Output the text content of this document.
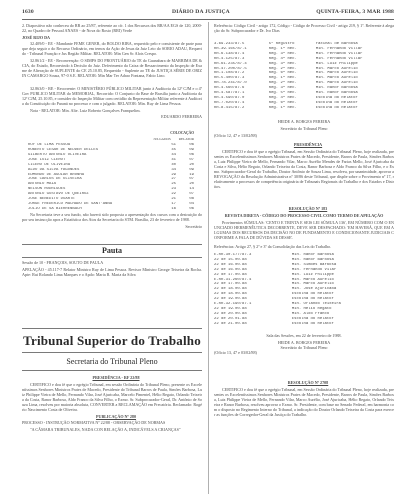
1630	DIÁRIO DA JUSTIÇA	QUINTA-FEIRA, 3 MAR 1988

2. Diapositivo não conheceu do RR ao 25/87, referente ao cfr. 1 dos Recursos dos RR/AA EGS de 120, 2000-22, no Quadro de Pessoal ANAES - de Nova do Rosto (RRI) Verde

JOSÉ RIJO DA

32.409/0 - EE - Mandante FEME GENER, do BOLDO RIBA, requerido pelo e consistente de parte para que deja seguir o do Recurso Ordinário, em ternos da Ação de Jesus da Juiz Leio do SORIO ADAU, Requerido - Tribunal Franção e Jus Região Militar. RELATOR: Min Gen Sc Alois Crespo.

32.861/2 - EE - Reconvenção: O SIMPS DO PRONTUÁRIO do TE do Guanabara de MARRIMA DE & CIA, do Estado, Reconvindo à Decisão do Juiz. Deferimento da Caixa de Ressarcimento da Inspeção de Exame de Alteração de SUPLENTE do CE 25.10.85, Requerido - Suplente ao TE do JUSTIÇA SÉRIE DE ORIZIN CAMARGO Sousa, 97-0 S.E. RELATOR: Min Mar Ter Adrao Fontana, Fabio Lino.

32.863/0 - RE - Recorrente: O MINISTÉRIO PÚBLICO MILITAR junto à Auditoria da 12ª CJM e o 4º Gov PUBLICO MILITAR do MEMORIAL, Recorrido: O Conjunto do Base de Brasilia junto a Auditoria da 12ª CJM, 25.10.85, e consider do Inspeção Militar com certidão da Representação Militar referente à Auditoria da Constituição do Paraná no processo e com o julgado. RELATOR: Min. Ruy de Lima Pessoa.

Nota - RELATOR: Min. Alte. Luiz Roberto Gonçalves Franquelim.

EDUARDO FERREIRA

COLOCAÇÃO
JULGADOS RELATOR
RUY DE LIMA PESSOA	51	06
ROBERTO CESAR DE NEDDER DELLES	45	09
GILBERTO ANTONIO OLIVEIRA	44	06
JOSE LUIZ CLEROT	41	07
CICERO DE OLIVEIRA	40	20
ALDO DA SILVA FAGUNDES	34	09
EDMUNDO DE AGUIAR BRONHA	29	19
JOSE CARLOS DE OLIVEIRA	27	07
ANTONIO MAIA	25	20
NELSON RODRIGUES	23	14
ANTONIO GUSTAVO DE QUEIROZ	22	07
JOSE BENEDITO DUARTE	21	08
JORGE FREDERICO MACHADO DE SANT'ANNA	17	04
JULIO DE SÁ BIERRENBACH	16	06

Na Secretaria teve a seu fundo, não haverá sido proposta a apresentação dos cursos com a destruição do por seu instrucção apos a Estatística dos Atos da Secretaria do STM. Brasília, 23 de fevereiro de 1988.

Secretário

Pauta

Sessão de 10 - FRANÇOIS, SOUTO DE PAULA

APELAÇÃO - 45.117-7 Relator Ministro Ruy de Lima Pessoa. Revisor Ministro George Teixeira da Rocha. Apte: Rui Rolando Lima Marques e o Apdo: Maria R. Maria da Silva

Tribunal Superior do Trabalho
Secretaria do Tribunal Pleno

PRESIDÊNCIA - RF 22/88

CERTIFICO e dou fé que o egrégio Tribunal, em sessão Ordinária do Tribunal Pleno, presente os Excelentíssimos Senhores Ministros Prates de Macedo, Presidente do Tribunal Barros de Paula, Simões Barbosa, Luiz Philippe Vieira de Mello, Fernando Vilar, José Ajuricaba, Marcelo Pimentel, Hélio Regato, Orlando Teixeira da Costa, Ranor Barbosa, Aldo Franco da Silva Filho, o Exmo. Sr. Subprocurador-Geral, Dr. Antônio de Souza Lima, resolveu por maioria absoluta, CONVERTER a RECLAMAÇÃO em Precatória. Reclamado: Rogério Nascimento Costa de Oliveira.

PUBLICAÇÃO Nº 280

PROCESSO - INSTRUÇÃO NORMATIVA Nº 22/88 - OBSERVAÇÃO DE NORMAS

"A CÂMARA TRIBUNALES, NADA CON RELAÇÃO A, INDICÁVELS A CRIANÇAS"

Referência: Código Civil - artigo 172, Código - Código de Processo Civil - artigo 219, § 1º. Referente à alegação do Sr. Subprocurador e Dr. Ivo Dias

3-69.233/87.5	5º Registro	Faxinal de Barbosa
RR-39.165/87.1	Reg. 1ª Rec.	Min. Fernando Villar
RR-6.138/87.4	Reg. 3ª Rec.	Min. Fernando Villar
RR-4.125/87.3	Reg. 4ª Rec.	Min. Fernando Villar
RR-61.235/87.4	Reg. 3ª Rec.	Min. Luiz Philippe
RR-47.200/87.5	Reg. 2ª Rec.	Min. Marco Aurélio
RR-1.108/87.2	Reg. 6ª Rec.	Min. Marco Aurélio
RR-5.400/87.3	Reg. 1ª Rec.	Min. Marco Aurélio
RR-78.241/87.0	Reg. 2ª Rec.	Min. Marco Aurélio
RR-4.560/87.6	Reg. 3ª Rec.	Min. Ranor Barbosa
RR-4.587/87.1	Reg. 5ª Rec.	Min. Ranor Barbosa
RR-4.590/87.0	Reg. 4ª Rec.	Escolha do Relator
RR-7.020/87.4	Reg. 6ª Rec.	Escolha do Relator
RR-8.415/87.2	Reg. 1ª Rec.	Escolha do Relator

HEIDE A. BORGES PEREIRA

Secretário do Tribunal Pleno

(Ofício 12, 47 e 13/02/88)

PRESIDÊNCIA

CERTIFICO e dou fé que o egrégio Tribunal, em Sessão Ordinária do Tribunal Pleno, hoje realizada, presentes os Excelentíssimos Senhores Ministros Prates de Macedo, Presidente, Barros de Paula, Simões Barbosa, Luiz Philippe Vieira de Mello, Fernando Vilar, Marco Aurélio Mendes de Farias Mello, José Ajuricaba da Costa e Silva, Hélio Regato, Orlando Teixeira da Costa, Ranor Barbosa e Aldo Franco da Silva Filho, e o Exmo. Subprocurador-Geral do Trabalho, Doutor Antônio de Souza Lima, resolveu, por unanimidade, aprovar a REVOGAÇÃO da Resolução Administrativa nº 30/86 deste Tribunal, que dispõe sobre o Provimento nº 17, relativamente a processos de competência originária de Tribunais Regionais do Trabalho e dos Estados e Distritos.

RESOLUÇÃO Nº 183

REVISTA DIRETA - CÓDIGO DO PROCESSO CIVIL COMO TERMO DE APELAÇÃO

Provimentos SÚMULAS: 'CENTO E TRINTA E SEIS LEI SÚMULA 136', EM NÚMERO COM O ENUNCIADO HERMENÊUTICA DECORRENTE, DEVE SER DESPACHADO: 'EM HAVERÁ, QUE EM ALGUMAS DOS RECURSOS DA DECISÃO NO DE FUNDAMENTO E CONDICIONANTE JUDICIAIS CONFORME A FALA DE DÚVIDA SE DESSE'.

Referências: Artigo 27, § 2º e 3º da Consolidação das Leis do Trabalho.

E-RR-30.177/87.3	Min. Ranor Barbosa
22 de 15.00.88	Min. Ranor Barbosa
22 de 16.00.88	Min. Simões Barbosa
22 de 16.00.88	Min. Fernando Vilar
22 de 17.00.88	Min. Luiz Philippe
E-RR-31.260/87.4	Min. Marco Aurélio
22 de 17.00.88	Min. Marco Aurélio
22 de 18.00.88	Min. José Ajuricaba
22 de 18.00.88	Escolha do Relator
22 de 19.00.88	Escolha do Relator
E-RR-32.190/87.1	Min. Orlando Teixeira
22 de 19.00.88	Min. Hélio Regato
22 de 20.00.88	Min. Aldo Franco
22 de 20.01.88	Escolha do Relator
22 de 21.00.88	Escolha do Relator

Sala das Sessões, em 22 de fevereiro de 1988.

HEIDE A. BORGES PEREIRA

Secretário do Tribunal Pleno

(Ofício 13, 47 e 03/02/88)

RESOLUÇÃO Nº 2708

CERTIFICO e dou fé que o egrégio Tribunal, em Sessão Ordinária do Tribunal Pleno, hoje realizada, presentes os Excelentíssimos Senhores Ministros Prates de Macedo, Presidente, Barros de Paula, Simões Barbosa, Luiz Philippe Vieira de Mello, Fernando Vilar, Marco Aurélio, José Ajuricaba, Hélio Regato, Orlando Teixeira e Ranor Barbosa, resolveu aprovar o Exmo. Sr. Presidente, com base no Senado Federal, em harmonia com o disposto no Regimento Interno do Tribunal, a indicação do Doutor Orlando Teixeira da Costa para exercer as funções de Corregedor-Geral da Justiça do Trabalho.
